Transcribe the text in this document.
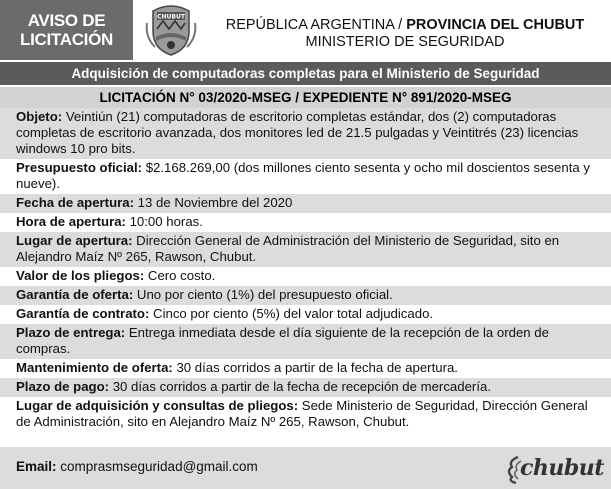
AVISO DE
LICITACIÓN
CHUBUT	REPÚBLICA ARGENTINA / PROVINCIA DEL CHUBUT
MINISTERIO DE SEGURIDAD
Adquisición de computadoras completas para el Ministerio de Seguridad
LICITACIÓN N° 03/2020-MSEG / EXPEDIENTE N° 891/2020-MSEG
Objeto: Veintiún (21) computadoras de escritorio completas estándar, dos (2) computadoras completas de escritorio avanzada, dos monitores led de 21.5 pulgadas y Veintitrés (23) licencias windows 10 pro bits.
Presupuesto oficial: $2.168.269,00 (dos millones ciento sesenta y ocho mil doscientos sesenta y nueve).
Fecha de apertura: 13 de Noviembre del 2020
Hora de apertura: 10:00 horas.
Lugar de apertura: Dirección General de Administración del Ministerio de Seguridad, sito en Alejandro Maíz Nº 265, Rawson, Chubut.
Valor de los pliegos: Cero costo.
Garantía de oferta: Uno por ciento (1%) del presupuesto oficial.
Garantía de contrato: Cinco por ciento (5%) del valor total adjudicado.
Plazo de entrega: Entrega inmediata desde el día siguiente de la recepción de la orden de compras.
Mantenimiento de oferta: 30 días corridos a partir de la fecha de apertura.
Plazo de pago: 30 días corridos a partir de la fecha de recepción de mercadería.
Lugar de adquisición y consultas de pliegos: Sede Ministerio de Seguridad, Dirección General de Administración, sito en Alejandro Maíz Nº 265, Rawson, Chubut.
Email: comprasmseguridad@gmail.com	chubut
